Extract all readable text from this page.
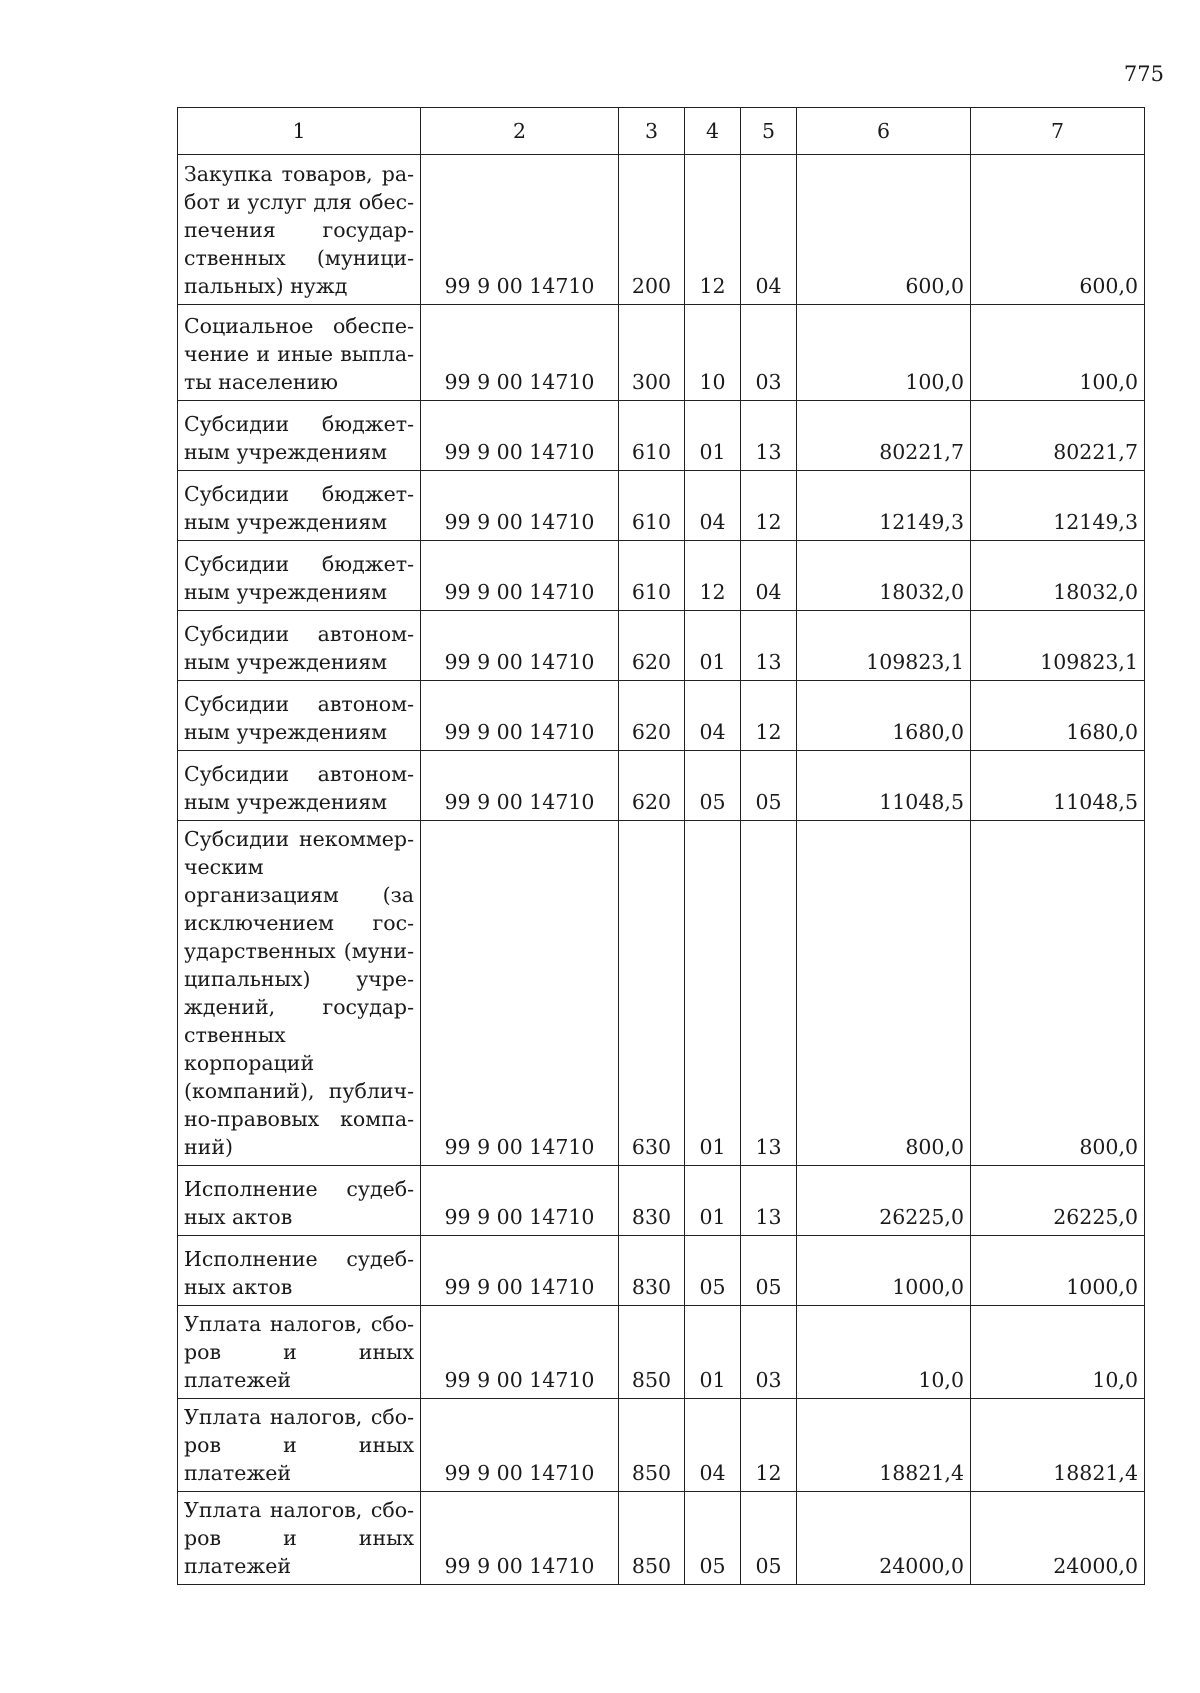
775
1	2	3	4	5	6	7
Закупка товаров, работ и услуг для обеспечения государственных (муниципальных) нужд	99 9 00 14710	200	12	04	600,0	600,0
Социальное обеспечение и иные выплаты населению	99 9 00 14710	300	10	03	100,0	100,0
Субсидии бюджетным учреждениям	99 9 00 14710	610	01	13	80221,7	80221,7
Субсидии бюджетным учреждениям	99 9 00 14710	610	04	12	12149,3	12149,3
Субсидии бюджетным учреждениям	99 9 00 14710	610	12	04	18032,0	18032,0
Субсидии автономным учреждениям	99 9 00 14710	620	01	13	109823,1	109823,1
Субсидии автономным учреждениям	99 9 00 14710	620	04	12	1680,0	1680,0
Субсидии автономным учреждениям	99 9 00 14710	620	05	05	11048,5	11048,5
Субсидии некоммерческим организациям (за исключением государственных (муниципальных) учреждений, государственных корпораций (компаний), публично-правовых компаний)	99 9 00 14710	630	01	13	800,0	800,0
Исполнение судебных актов	99 9 00 14710	830	01	13	26225,0	26225,0
Исполнение судебных актов	99 9 00 14710	830	05	05	1000,0	1000,0
Уплата налогов, сборов и иных платежей	99 9 00 14710	850	01	03	10,0	10,0
Уплата налогов, сборов и иных платежей	99 9 00 14710	850	04	12	18821,4	18821,4
Уплата налогов, сборов и иных платежей	99 9 00 14710	850	05	05	24000,0	24000,0
